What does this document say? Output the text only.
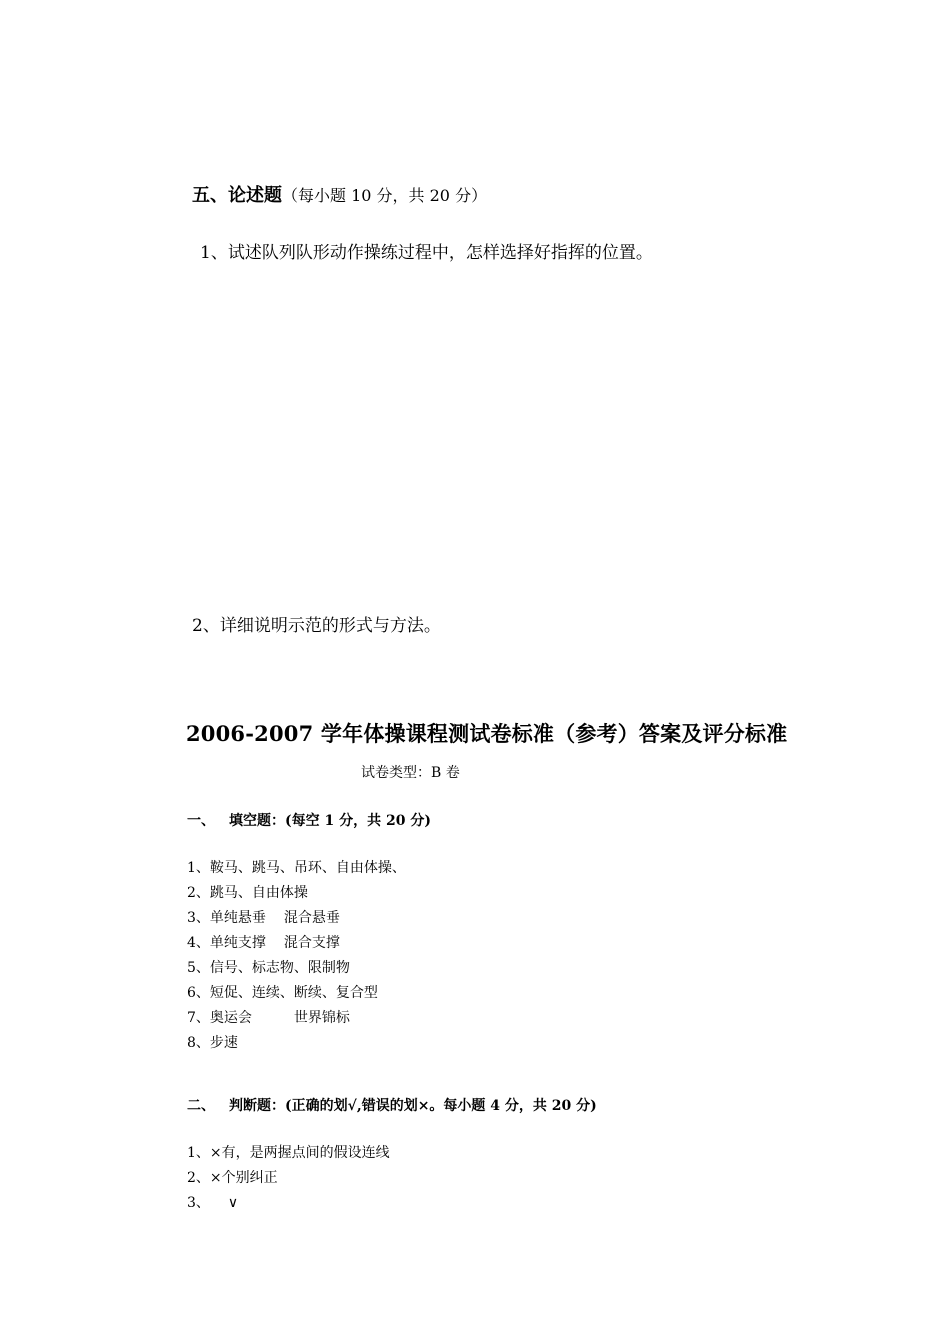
五、论述题（每小题 10 分，共 20 分）
1、试述队列队形动作操练过程中，怎样选择好指挥的位置。
2、详细说明示范的形式与方法。
2006-2007 学年体操课程测试卷标准（参考）答案及评分标准
试卷类型：B 卷
一、 填空题：(每空 1 分，共 20 分)
1、鞍马、跳马、吊环、自由体操、
2、跳马、自由体操
3、单纯悬垂 混合悬垂
4、单纯支撑 混合支撑
5、信号、标志物、限制物
6、短促、连续、断续、复合型
7、奥运会	世界锦标
8、步速
二、 判断题：(正确的划√,错误的划×。每小题 4 分，共 20 分)
1、×有，是两握点间的假设连线
2、×个别纠正
3、 ∨
